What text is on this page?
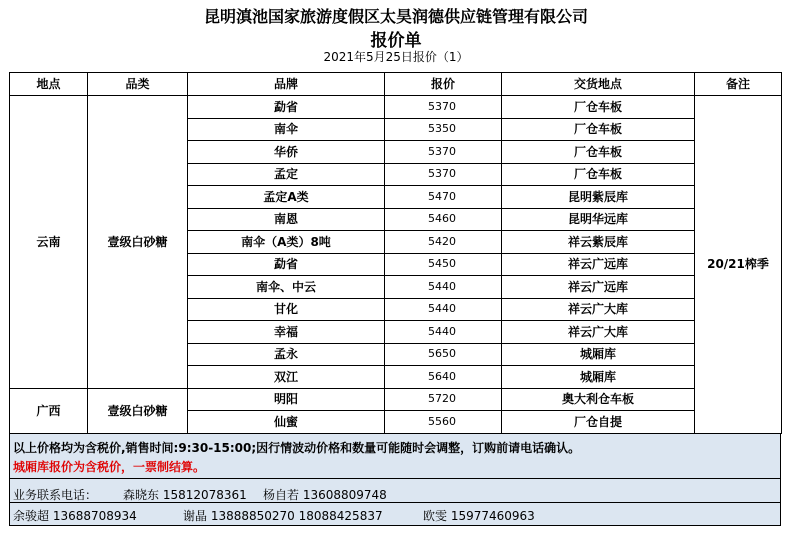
昆明滇池国家旅游度假区太昊润德供应链管理有限公司
报价单
2021年5月25日报价（1）
地点	品类	品牌	报价	交货地点	备注
云南	壹级白砂糖	勐省	5370	厂仓车板	20/21榨季
		南伞	5350	厂仓车板	
		华侨	5370	厂仓车板	
		孟定	5370	厂仓车板	
		孟定A类	5470	昆明紫辰库	
		南恩	5460	昆明华远库	
		南伞（A类）8吨	5420	祥云紫辰库	
		勐省	5450	祥云广远库	
		南伞、中云	5440	祥云广远库	
		甘化	5440	祥云广大库	
		幸福	5440	祥云广大库	
		孟永	5650	城厢库	
		双江	5640	城厢库	
广西	壹级白砂糖	明阳	5720	奥大利仓车板	
		仙蜜	5560	厂仓自提	
以上价格均为含税价,销售时间:9:30-15:00;因行情波动价格和数量可能随时会调整，订购前请电话确认。
城厢库报价为含税价，一票制结算。
业务联系电话： 森晓东 15812078361 杨自若 13608809748
余骏超 13688708934	谢晶 13888850270 18088425837	欧雯 15977460963
